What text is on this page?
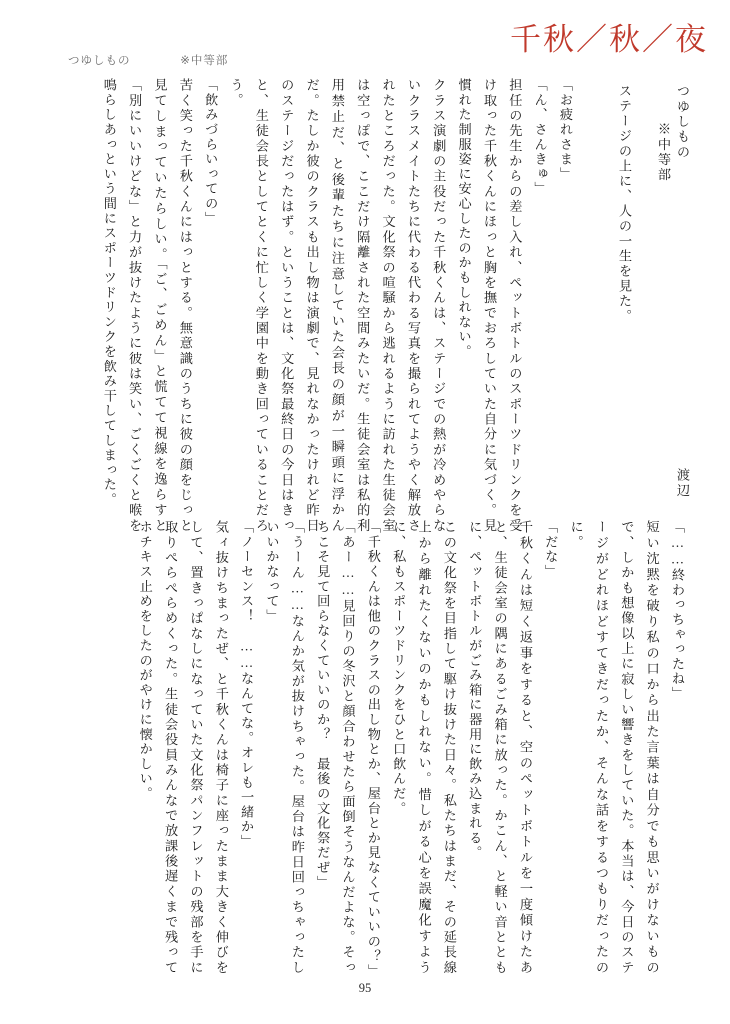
千秋／秋／夜
つゆしもの	※中等部
つゆしもの
※中等部
渡辺
ステージの上に、人の一生を見た。

「お疲れさま」

「ん、さんきゅ」

担任の先生からの差し入れ、ペットボトルのスポーツドリンクを受け取った千秋くんにほっと胸を撫でおろしていた自分に気づく。見慣れた制服姿に安心したのかもしれない。

クラス演劇の主役だった千秋くんは、ステージでの熱が冷めやらないクラスメイトたちに代わる代わる写真を撮られてようやく解放されたところだった。文化祭の喧騒から逃れるように訪れた生徒会室は空っぽで、ここだけ隔離された空間みたいだ。生徒会室は私的利用禁止だ、と後輩たちに注意していた会長の顔が一瞬頭に浮かんだ。たしか彼のクラスも出し物は演劇で、見れなかったけれど昨日のステージだったはず。ということは、文化祭最終日の今日はきっと、生徒会長としてとくに忙しく学園中を動き回っていることだろう。

「飲みづらいっての」

苦く笑った千秋くんにはっとする。無意識のうちに彼の顔をじっと見てしまっていたらしい。「ご、ごめん」と慌てて視線を逸らすと「別にいいけどな」と力が抜けたように彼は笑い、ごくごくと喉を鳴らしあっという間にスポーツドリンクを飲み干してしまった。

「……終わっちゃったね」

短い沈黙を破り私の口から出た言葉は自分でも思いがけないもので、しかも想像以上に寂しい響きをしていた。本当は、今日のステージがどれほどすてきだったか、そんな話をするつもりだったのに。

「だな」

千秋くんは短く返事をすると、空のペットボトルを一度傾けたあと、生徒会室の隅にあるごみ箱に放った。かこん、と軽い音とともに、ペットボトルがごみ箱に器用に飲み込まれる。

この文化祭を目指して駆け抜けた日々。私たちはまだ、その延長線上から離れたくないのかもしれない。惜しがる心を誤魔化すように、私もスポーツドリンクをひと口飲んだ。

「千秋くんは他のクラスの出し物とか、屋台とか見なくていいの？」

「あー……見回りの冬沢と顔合わせたら面倒そうなんだよな。そっちこそ見て回らなくていいのか？　最後の文化祭だぜ」

「うーん……なんか気が抜けちゃった。屋台は昨日回っちゃったしいいかなって」

「ノーセンス！　……なんてな。オレも一緒か」

気ィ抜けちまったぜ、と千秋くんは椅子に座ったまま大きく伸びをして、置きっぱなしになっていた文化祭パンフレットの残部を手に取りぺらぺらめくった。生徒会役員みんなで放課後遅くまで残ってホチキス止めをしたのがやけに懐かしい。

95
